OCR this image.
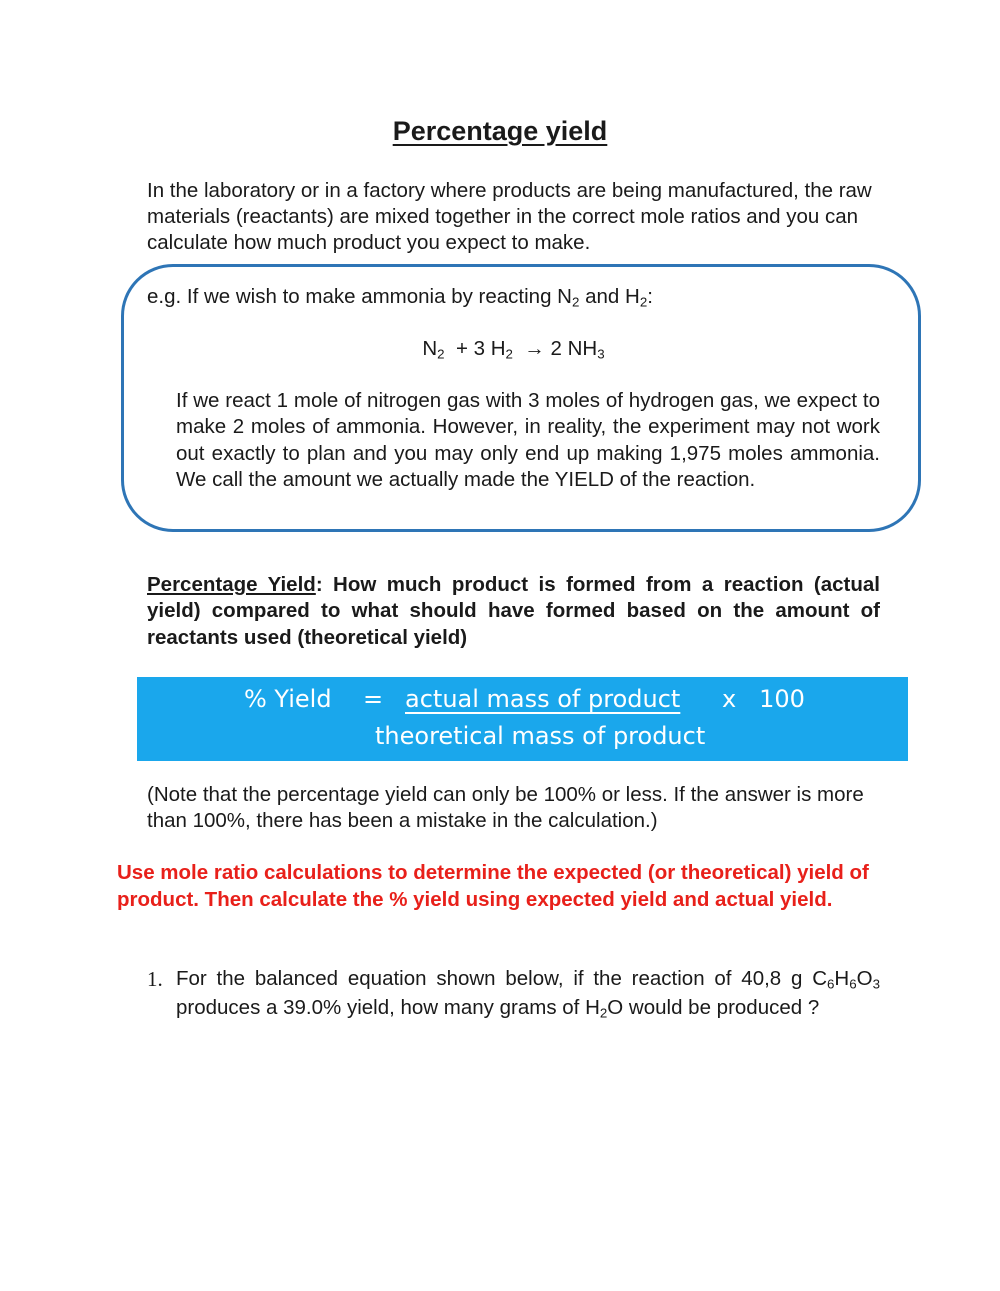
Percentage yield

In the laboratory or in a factory where products are being manufactured, the raw materials (reactants) are mixed together in the correct mole ratios and you can calculate how much product you expect to make.

e.g. If we wish to make ammonia by reacting $N_2$ and $H_2$:

$N_2 + 3$ $H_2 \to 2$ $NH_3$

If we react 1 mole of nitrogen gas with 3 moles of hydrogen gas, we expect to make 2 moles of ammonia. However, in reality, the experiment may not work out exactly to plan and you may only end up making 1,975 moles ammonia. We call the amount we actually made the YIELD of the reaction.

Percentage Yield: How much product is formed from a reaction (actual yield) compared to what should have formed based on the amount of reactants used (theoretical yield)

% Yield = actual mass of product x   100
theoretical mass of product

(Note that the percentage yield can only be 100% or less. If the answer is more than 100%, there has been a mistake in the calculation.)

Use mole ratio calculations to determine the expected (or theoretical) yield of product. Then calculate the % yield using expected yield and actual yield.

1. For the balanced equation shown below, if the reaction of 40,8 g $C_6H_6O_3$ produces a 39.0% yield, how many grams of $H_2O$ would be produced ?
